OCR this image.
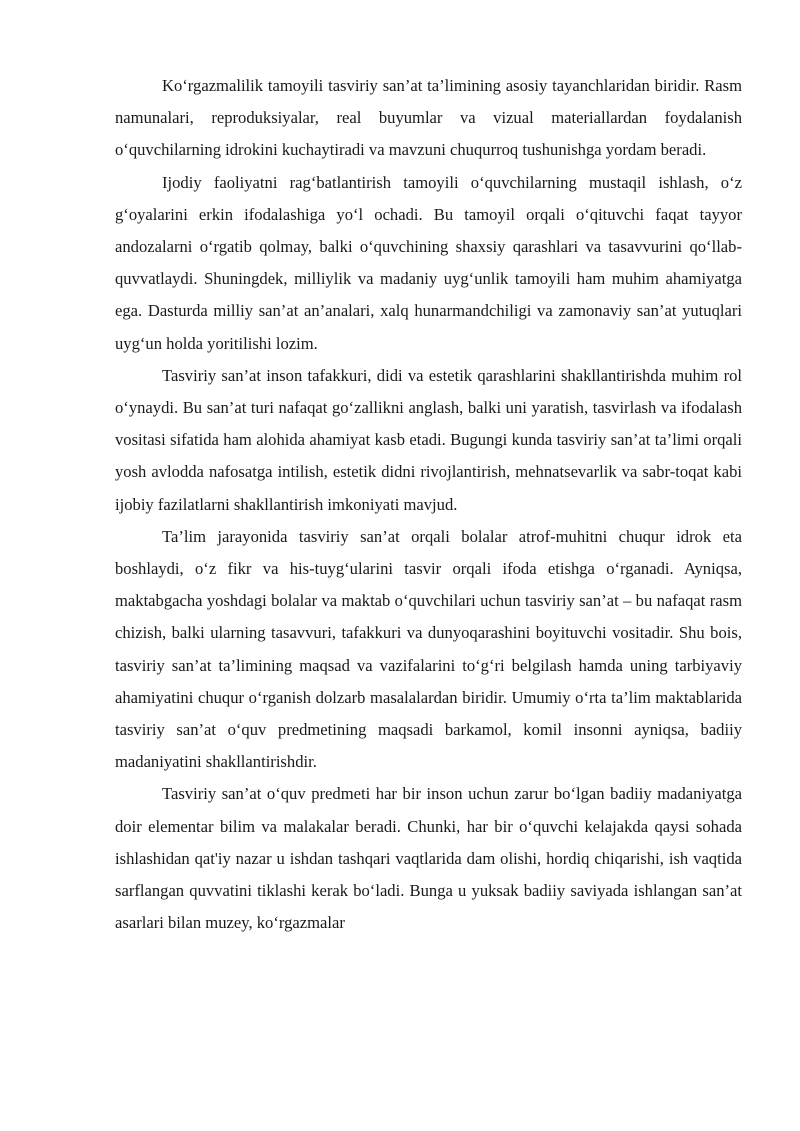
Ko‘rgazmalilik tamoyili tasviriy san’at ta’limining asosiy tayanchlaridan biridir. Rasm namunalari, reproduksiyalar, real buyumlar va vizual materiallardan foydalanish o‘quvchilarning idrokini kuchaytiradi va mavzuni chuqurroq tushunishga yordam beradi.

Ijodiy faoliyatni rag‘batlantirish tamoyili o‘quvchilarning mustaqil ishlash, o‘z g‘oyalarini erkin ifodalashiga yo‘l ochadi. Bu tamoyil orqali o‘qituvchi faqat tayyor andozalarni o‘rgatib qolmay, balki o‘quvchining shaxsiy qarashlari va tasavvurini qo‘llab-quvvatlaydi. Shuningdek, milliylik va madaniy uyg‘unlik tamoyili ham muhim ahamiyatga ega. Dasturda milliy san’at an’analari, xalq hunarmandchiligi va zamonaviy san’at yutuqlari uyg‘un holda yoritilishi lozim.

Tasviriy san’at inson tafakkuri, didi va estetik qarashlarini shakllantirishda muhim rol o‘ynaydi. Bu san’at turi nafaqat go‘zallikni anglash, balki uni yaratish, tasvirlash va ifodalash vositasi sifatida ham alohida ahamiyat kasb etadi. Bugungi kunda tasviriy san’at ta’limi orqali yosh avlodda nafosatga intilish, estetik didni rivojlantirish, mehnatsevarlik va sabr-toqat kabi ijobiy fazilatlarni shakllantirish imkoniyati mavjud.

Ta’lim jarayonida tasviriy san’at orqali bolalar atrof-muhitni chuqur idrok eta boshlaydi, o‘z fikr va his-tuyg‘ularini tasvir orqali ifoda etishga o‘rganadi. Ayniqsa, maktabgacha yoshdagi bolalar va maktab o‘quvchilari uchun tasviriy san’at – bu nafaqat rasm chizish, balki ularning tasavvuri, tafakkuri va dunyoqarashini boyituvchi vositadir. Shu bois, tasviriy san’at ta’limining maqsad va vazifalarini to‘g‘ri belgilash hamda uning tarbiyaviy ahamiyatini chuqur o‘rganish dolzarb masalalardan biridir. Umumiy o‘rta ta’lim maktablarida tasviriy san’at o‘quv predmetining maqsadi barkamol, komil insonni ayniqsa, badiiy madaniyatini shakllantirishdir.

Tasviriy san’at o‘quv predmeti har bir inson uchun zarur bo‘lgan badiiy madaniyatga doir elementar bilim va malakalar beradi. Chunki, har bir o‘quvchi kelajakda qaysi sohada ishlashidan qat'iy nazar u ishdan tashqari vaqtlarida dam olishi, hordiq chiqarishi, ish vaqtida sarflangan quvvatini tiklashi kerak bo‘ladi. Bunga u yuksak badiiy saviyada ishlangan san’at asarlari bilan muzey, ko‘rgazmalar
